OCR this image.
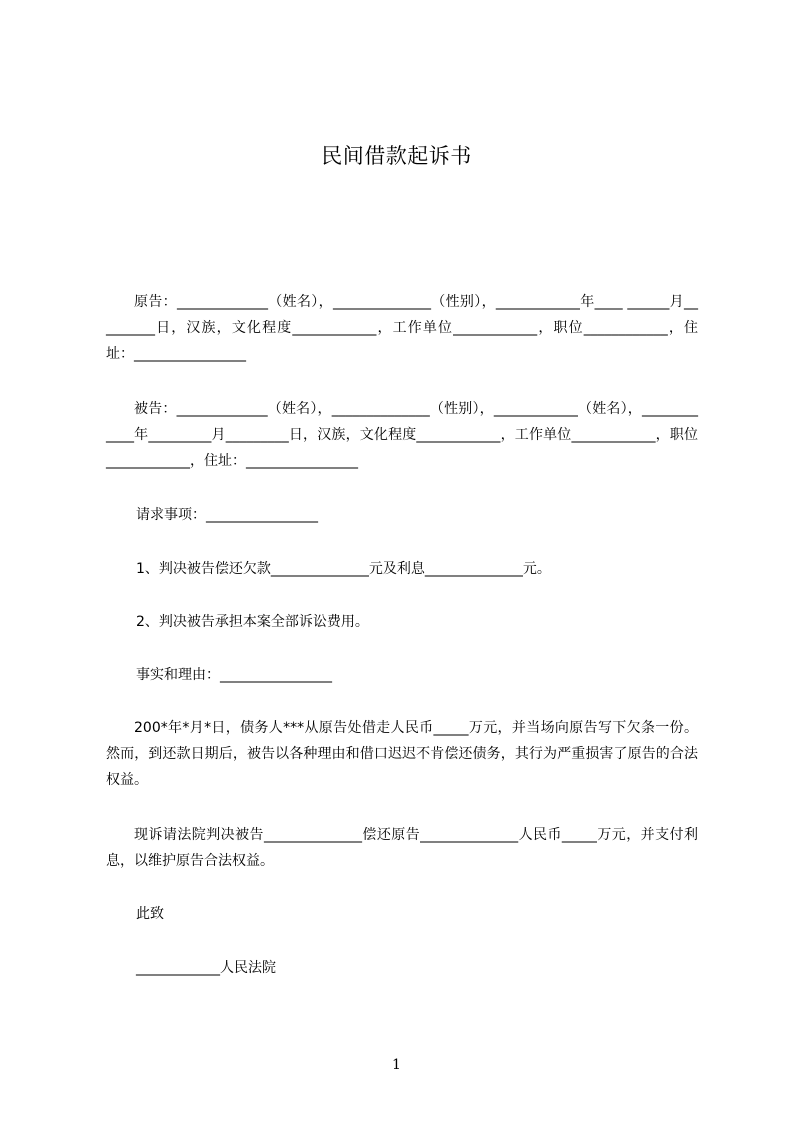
民间借款起诉书

原告：_____________（姓名），______________（性别），____________年____ ______月_________日，汉族，文化程度____________，工作单位____________，职位____________，住址：________________

被告：_____________（姓名），______________（性别），____________（姓名），____________年_________月_________日，汉族，文化程度____________，工作单位____________，职位____________，住址：________________

请求事项：________________

1、判决被告偿还欠款______________元及利息______________元。

2、判决被告承担本案全部诉讼费用。

事实和理由：________________

200*年*月*日，债务人***从原告处借走人民币_____万元，并当场向原告写下欠条一份。然而，到还款日期后，被告以各种理由和借口迟迟不肯偿还债务，其行为严重损害了原告的合法权益。

现诉请法院判决被告______________偿还原告______________人民币_____万元，并支付利息，以维护原告合法权益。

此致

____________人民法院

1
